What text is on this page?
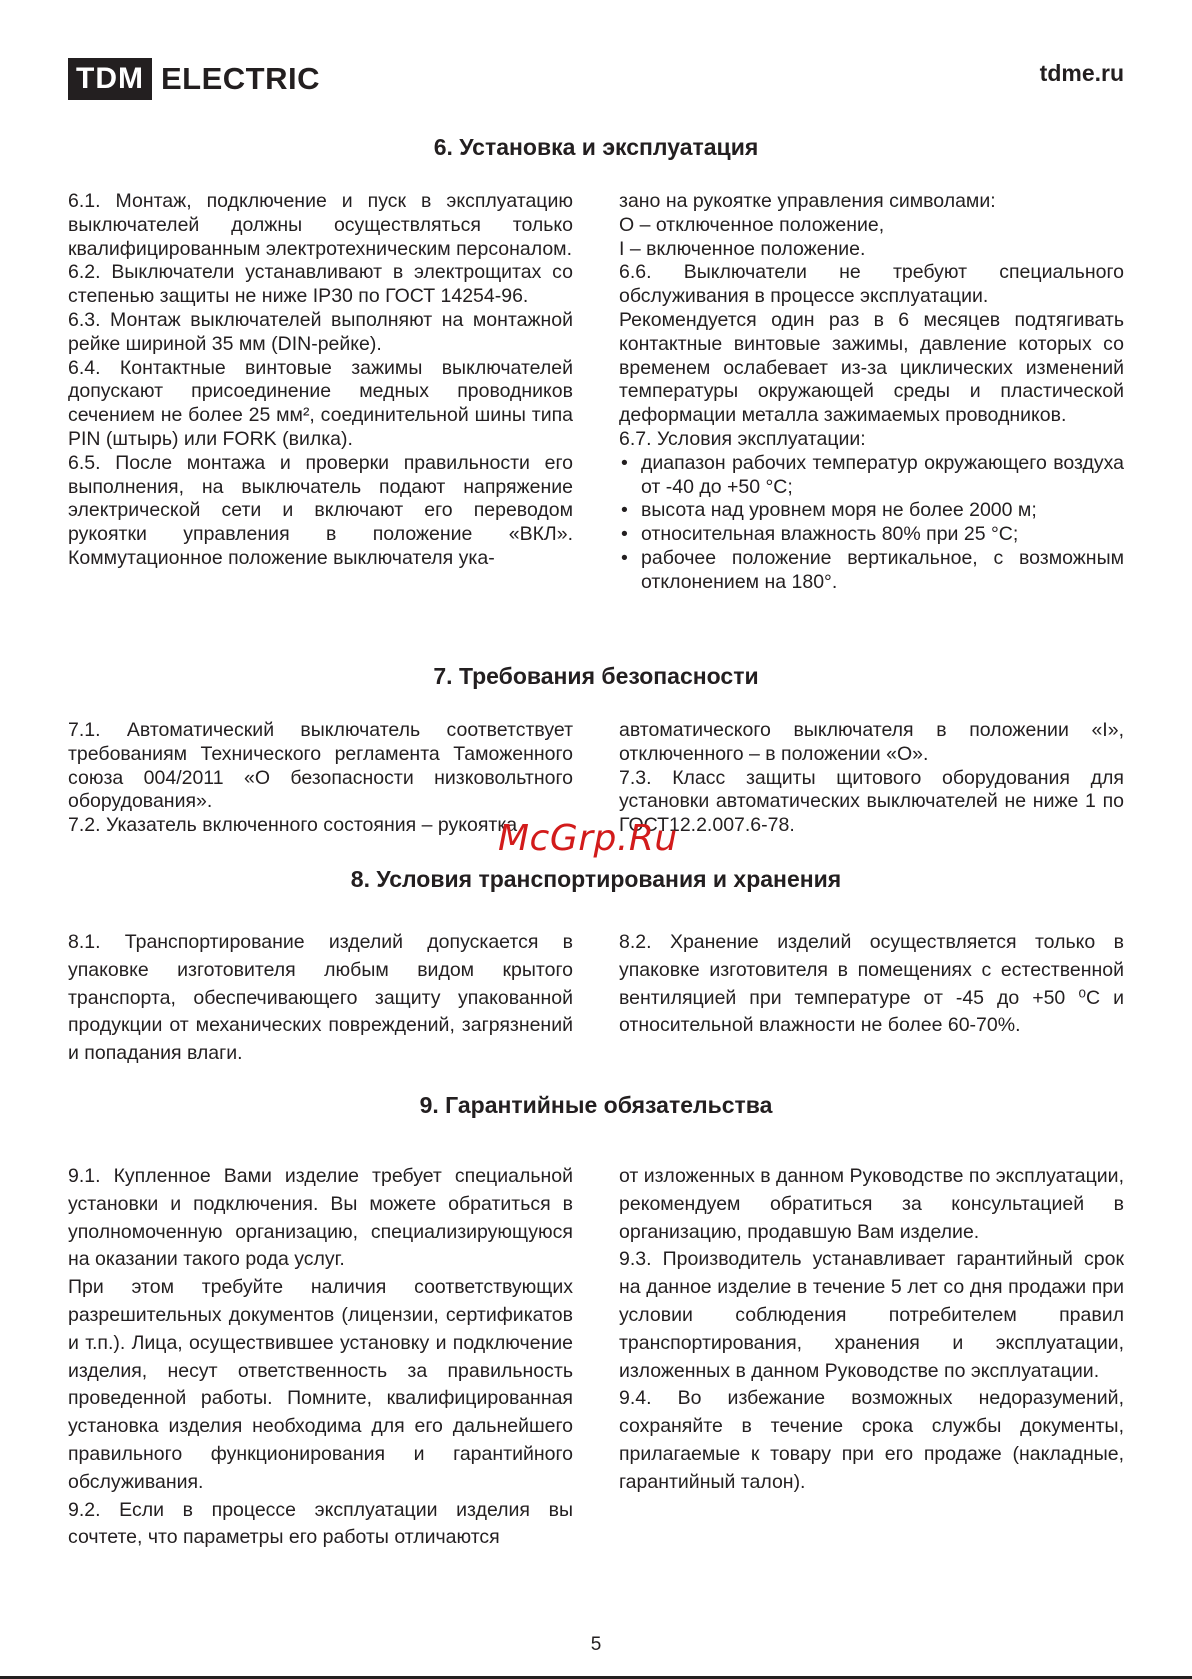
TDM ELECTRIC	tdme.ru
6. Установка и эксплуатация

6.1. Монтаж, подключение и пуск в эксплуатацию выключателей должны осуществляться только квалифицированным электротехническим персоналом.

6.2. Выключатели устанавливают в электрощитах со степенью защиты не ниже IP30 по ГОСТ 14254-96.

6.3. Монтаж выключателей выполняют на монтажной рейке шириной 35 мм (DIN-рейке).

6.4. Контактные винтовые зажимы выключателей допускают присоединение медных проводников сечением не более 25 мм², соединительной шины типа PIN (штырь) или FORK (вилка).

6.5. После монтажа и проверки правильности его выполнения, на выключатель подают напряжение электрической сети и включают его переводом рукоятки управления в положение «ВКЛ». Коммутационное положение выключателя ука-

зано на рукоятке управления символами:

О – отключенное положение,

I – включенное положение.

6.6. Выключатели не требуют специального обслуживания в процессе эксплуатации.

Рекомендуется один раз в 6 месяцев подтягивать контактные винтовые зажимы, давление которых со временем ослабевает из-за циклических изменений температуры окружающей среды и пластической деформации металла зажимаемых проводников.

6.7. Условия эксплуатации:

• диапазон рабочих температур окружающего воздуха от -40 до +50 °С;
• высота над уровнем моря не более 2000 м;
• относительная влажность 80% при 25 °С;
• рабочее положение вертикальное, с возможным отклонением на 180°.
7. Требования безопасности

7.1. Автоматический выключатель соответствует требованиям Технического регламента Таможенного союза 004/2011 «О безопасности низковольтного оборудования».

7.2. Указатель включенного состояния – рукоятка

автоматического выключателя в положении «I», отключенного – в положении «О».

7.3. Класс защиты щитового оборудования для установки автоматических выключателей не ниже 1 по ГОСТ12.2.007.6-78.

McGrp.Ru
8. Условия транспортирования и хранения

8.1. Транспортирование изделий допускается в упаковке изготовителя любым видом крытого транспорта, обеспечивающего защиту упакованной продукции от механических повреждений, загрязнений и попадания влаги.

8.2. Хранение изделий осуществляется только в упаковке изготовителя в помещениях с естественной вентиляцией при температуре от -45 до +50 ⁰С и относительной влажности не более 60-70%.

9. Гарантийные обязательства

9.1. Купленное Вами изделие требует специальной установки и подключения. Вы можете обратиться в уполномоченную организацию, специализирующуюся на оказании такого рода услуг.

При этом требуйте наличия соответствующих разрешительных документов (лицензии, сертификатов и т.п.). Лица, осуществившее установку и подключение изделия, несут ответственность за правильность проведенной работы. Помните, квалифицированная установка изделия необходима для его дальнейшего правильного функционирования и гарантийного обслуживания.

9.2. Если в процессе эксплуатации изделия вы сочтете, что параметры его работы отличаются

от изложенных в данном Руководстве по эксплуатации, рекомендуем обратиться за консультацией в организацию, продавшую Вам изделие.

9.3. Производитель устанавливает гарантийный срок на данное изделие в течение 5 лет со дня продажи при условии соблюдения потребителем правил транспортирования, хранения и эксплуатации, изложенных в данном Руководстве по эксплуатации.

9.4. Во избежание возможных недоразумений, сохраняйте в течение срока службы документы, прилагаемые к товару при его продаже (накладные, гарантийный талон).

5
